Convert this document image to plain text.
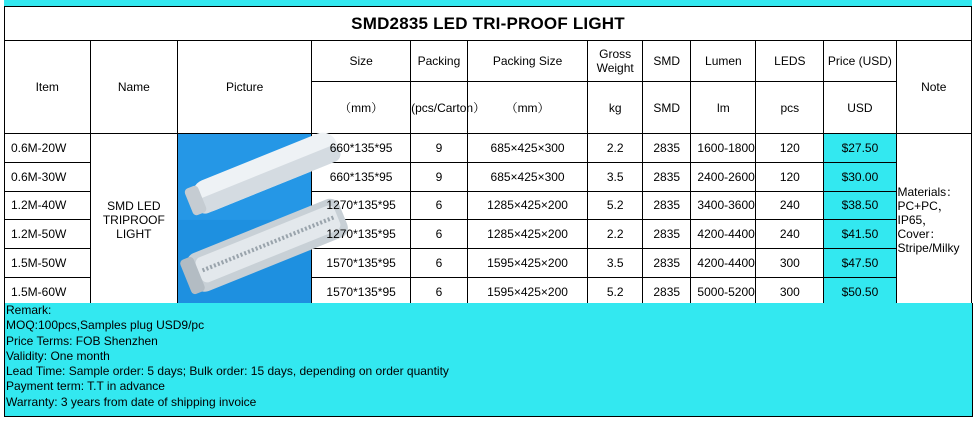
SMD2835 LED TRI-PROOF LIGHT											
Item	Name	Picture	Size	Packing	Packing Size	Gross Weight	SMD	Lumen	LEDS	Price (USD)	Note
			（mm）	(pcs/Carton）	（mm）	kg	SMD	lm	pcs	USD	
0.6M-20W	SMD LED TRIPROOF LIGHT		660*135*95	9	685×425×300	2.2	2835	1600-1800	120	$27.50	Materials：PC+PC，IP65，Cover：Stripe/Milky
0.6M-30W			660*135*95	9	685×425×300	3.5	2835	2400-2600	120	$30.00	
1.2M-40W			1270*135*95	6	1285×425×200	5.2	2835	3400-3600	240	$38.50	
1.2M-50W			1270*135*95	6	1285×425×200	2.2	2835	4200-4400	240	$41.50	
1.5M-50W			1570*135*95	6	1595×425×200	3.5	2835	4200-4400	300	$47.50	
1.5M-60W			1570*135*95	6	1595×425×200	5.2	2835	5000-5200	300	$50.50	
Remark:
MOQ:100pcs,Samples plug USD9/pc
Price Terms: FOB Shenzhen
Validity: One month
Lead Time: Sample order: 5 days; Bulk order: 15 days, depending on order quantity
Payment term: T.T in advance
Warranty: 3 years from date of shipping invoice
